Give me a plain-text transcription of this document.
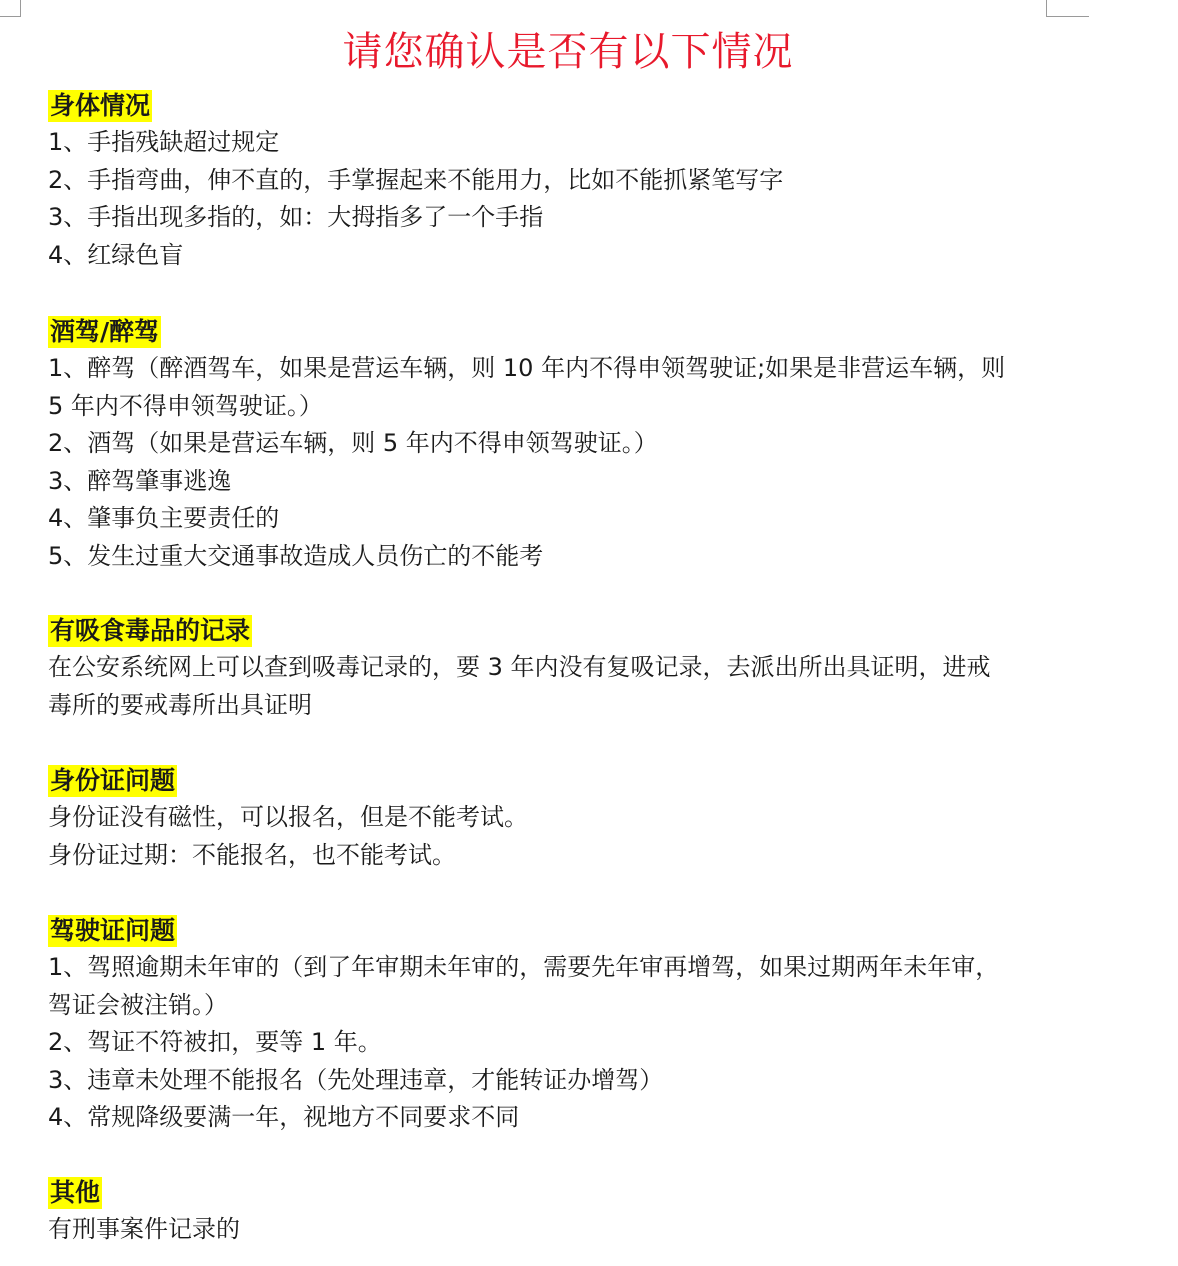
请您确认是否有以下情况
身体情况

1、手指残缺超过规定

2、手指弯曲，伸不直的，手掌握起来不能用力，比如不能抓紧笔写字

3、手指出现多指的，如：大拇指多了一个手指

4、红绿色盲

酒驾/醉驾

1、醉驾（醉酒驾车，如果是营运车辆，则 10 年内不得申领驾驶证;如果是非营运车辆，则

5 年内不得申领驾驶证。）

2、酒驾（如果是营运车辆，则 5 年内不得申领驾驶证。）

3、醉驾肇事逃逸

4、肇事负主要责任的

5、发生过重大交通事故造成人员伤亡的不能考

有吸食毒品的记录

在公安系统网上可以查到吸毒记录的，要 3 年内没有复吸记录，去派出所出具证明，进戒

毒所的要戒毒所出具证明

身份证问题

身份证没有磁性，可以报名，但是不能考试。

身份证过期：不能报名，也不能考试。

驾驶证问题

1、驾照逾期未年审的（到了年审期未年审的，需要先年审再增驾，如果过期两年未年审，

驾证会被注销。）

2、驾证不符被扣，要等 1 年。

3、违章未处理不能报名（先处理违章，才能转证办增驾）

4、常规降级要满一年，视地方不同要求不同

其他

有刑事案件记录的
